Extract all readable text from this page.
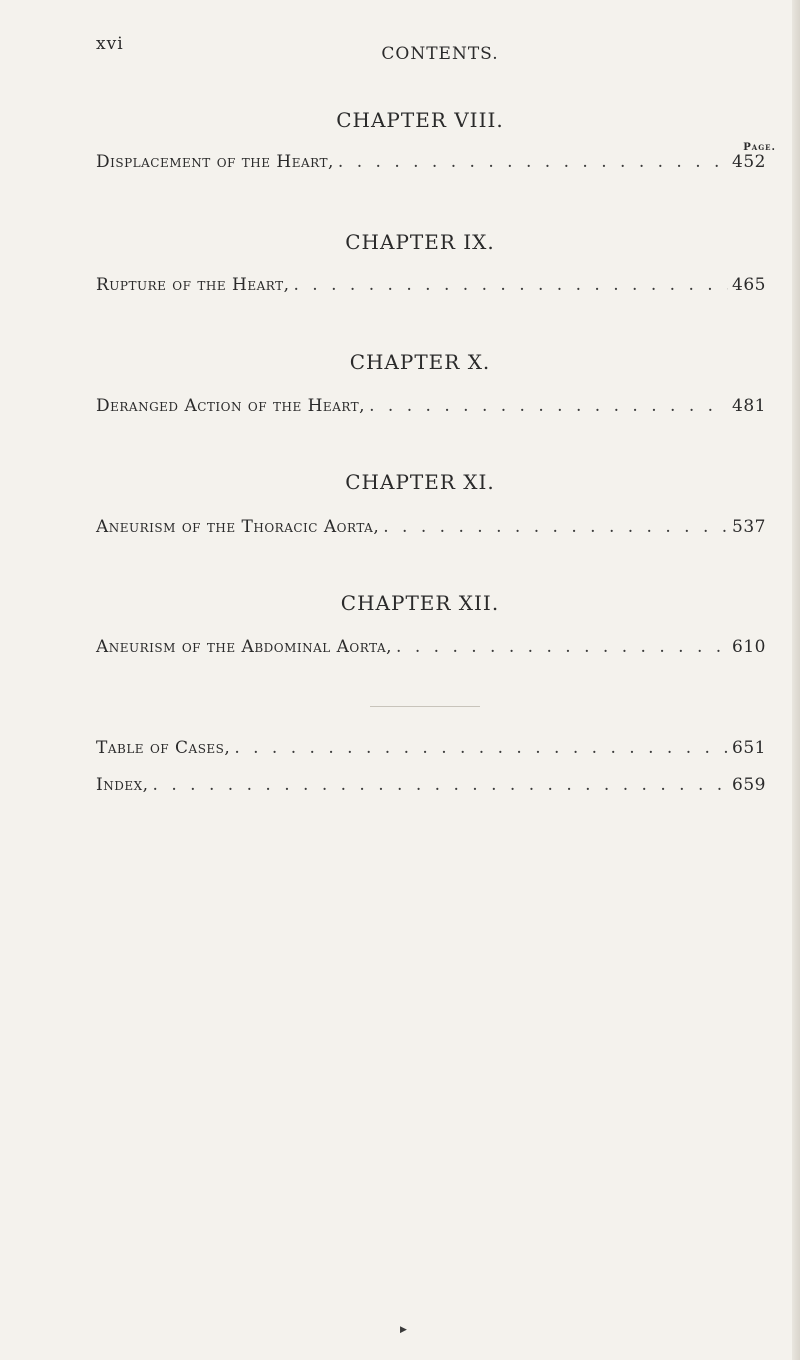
xvi	CONTENTS.
CHAPTER VIII.
Page.
Displacement of the Heart, . . .	452
CHAPTER IX.
Rupture of the Heart, . . .	465
CHAPTER X.
Deranged Action of the Heart, . . .	481
CHAPTER XI.
Aneurism of the Thoracic Aorta, . . .	537
CHAPTER XII.
Aneurism of the Abdominal Aorta, . . .	610
Table of Cases, . . .	651
Index, . . .	659
▶
